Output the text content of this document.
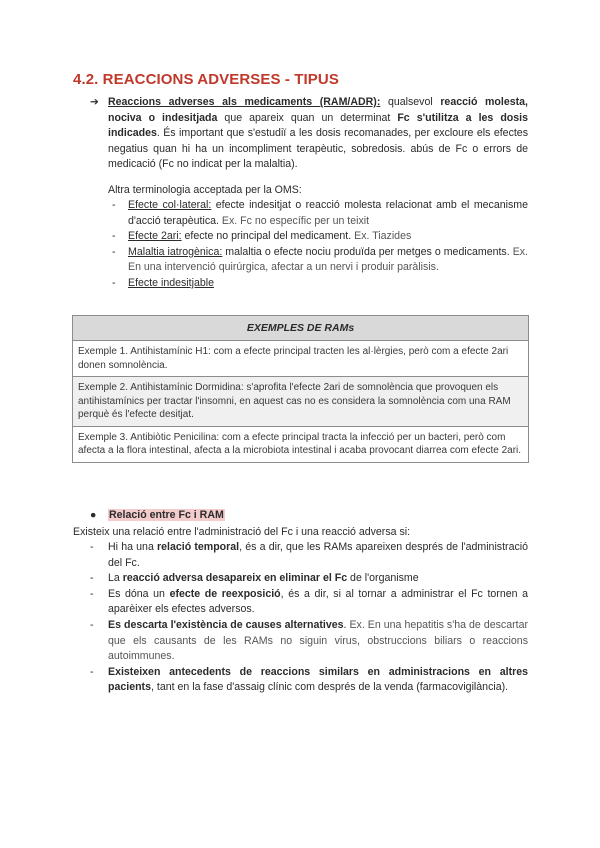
4.2. REACCIONS ADVERSES - TIPUS
➔ Reaccions adverses als medicaments (RAM/ADR): qualsevol reacció molesta, nociva o indesitjada que apareix quan un determinat Fc s'utilitza a les dosis indicades. És important que s'estudiï a les dosis recomanades, per excloure els efectes negatius quan hi ha un incompliment terapèutic, sobredosis. abús de Fc o errors de medicació (Fc no indicat per la malaltia).
Altra terminologia acceptada per la OMS:
- Efecte col·lateral: efecte indesitjat o reacció molesta relacionat amb el mecanisme d'acció terapèutica. Ex. Fc no específic per un teixit
- Efecte 2ari: efecte no principal del medicament. Ex. Tiazides
- Malaltia iatrogènica: malaltia o efecte nociu produïda per metges o medicaments. Ex. En una intervenció quirúrgica, afectar a un nervi i produir paràlisis.
- Efecte indesitjable
EXEMPLES DE RAMs
Exemple 1. Antihistamínic H1: com a efecte principal tracten les al·lèrgies, però com a efecte 2ari donen somnolència.
Exemple 2. Antihistamínic Dormidina: s'aprofita l'efecte 2ari de somnolència que provoquen els antihistamínics per tractar l'insomni, en aquest cas no es considera la somnolència com una RAM perquè és l'efecte desitjat.
Exemple 3. Antibiòtic Penicilina: com a efecte principal tracta la infecció per un bacteri, però com afecta a la flora intestinal, afecta a la microbiota intestinal i acaba provocant diarrea com efecte 2ari.
● Relació entre Fc i RAM
Existeix una relació entre l'administració del Fc i una reacció adversa si:
- Hi ha una relació temporal, és a dir, que les RAMs apareixen després de l'administració del Fc.
- La reacció adversa desapareix en eliminar el Fc de l'organisme
- Es dóna un efecte de reexposició, és a dir, si al tornar a administrar el Fc tornen a aparèixer els efectes adversos.
- Es descarta l'existència de causes alternatives. Ex. En una hepatitis s'ha de descartar que els causants de les RAMs no siguin virus, obstruccions biliars o reaccions autoimmunes.
- Existeixen antecedents de reaccions similars en administracions en altres pacients, tant en la fase d'assaig clínic com després de la venda (farmacovigilància).
